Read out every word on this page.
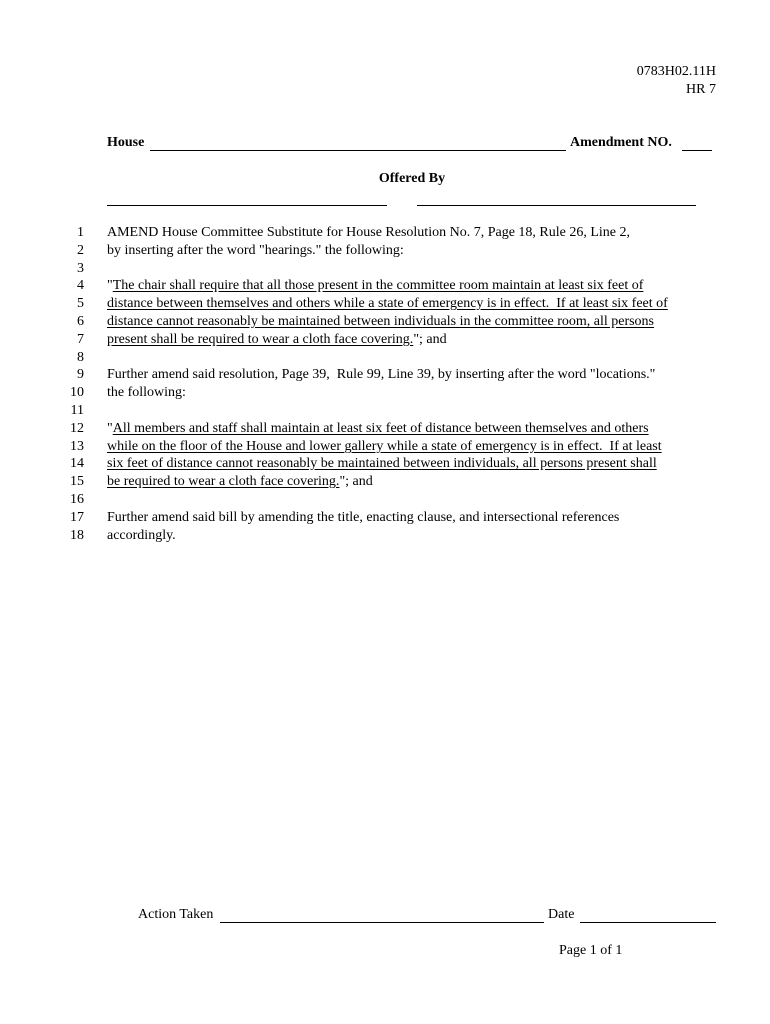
0783H02.11H
HR 7
House	Amendment NO.
Offered By
1 AMEND House Committee Substitute for House Resolution No. 7, Page 18, Rule 26, Line 2,
2 by inserting after the word "hearings." the following:
3
4 "The chair shall require that all those present in the committee room maintain at least six feet of
5 distance between themselves and others while a state of emergency is in effect.  If at least six feet of
6 distance cannot reasonably be maintained between individuals in the committee room, all persons
7 present shall be required to wear a cloth face covering."; and
8
9 Further amend said resolution, Page 39,  Rule 99, Line 39, by inserting after the word "locations."
10 the following:
11
12 "All members and staff shall maintain at least six feet of distance between themselves and others
13 while on the floor of the House and lower gallery while a state of emergency is in effect.  If at least
14 six feet of distance cannot reasonably be maintained between individuals, all persons present shall
15 be required to wear a cloth face covering."; and
16
17 Further amend said bill by amending the title, enacting clause, and intersectional references
18 accordingly.
Action Taken	Date
Page 1 of 1
